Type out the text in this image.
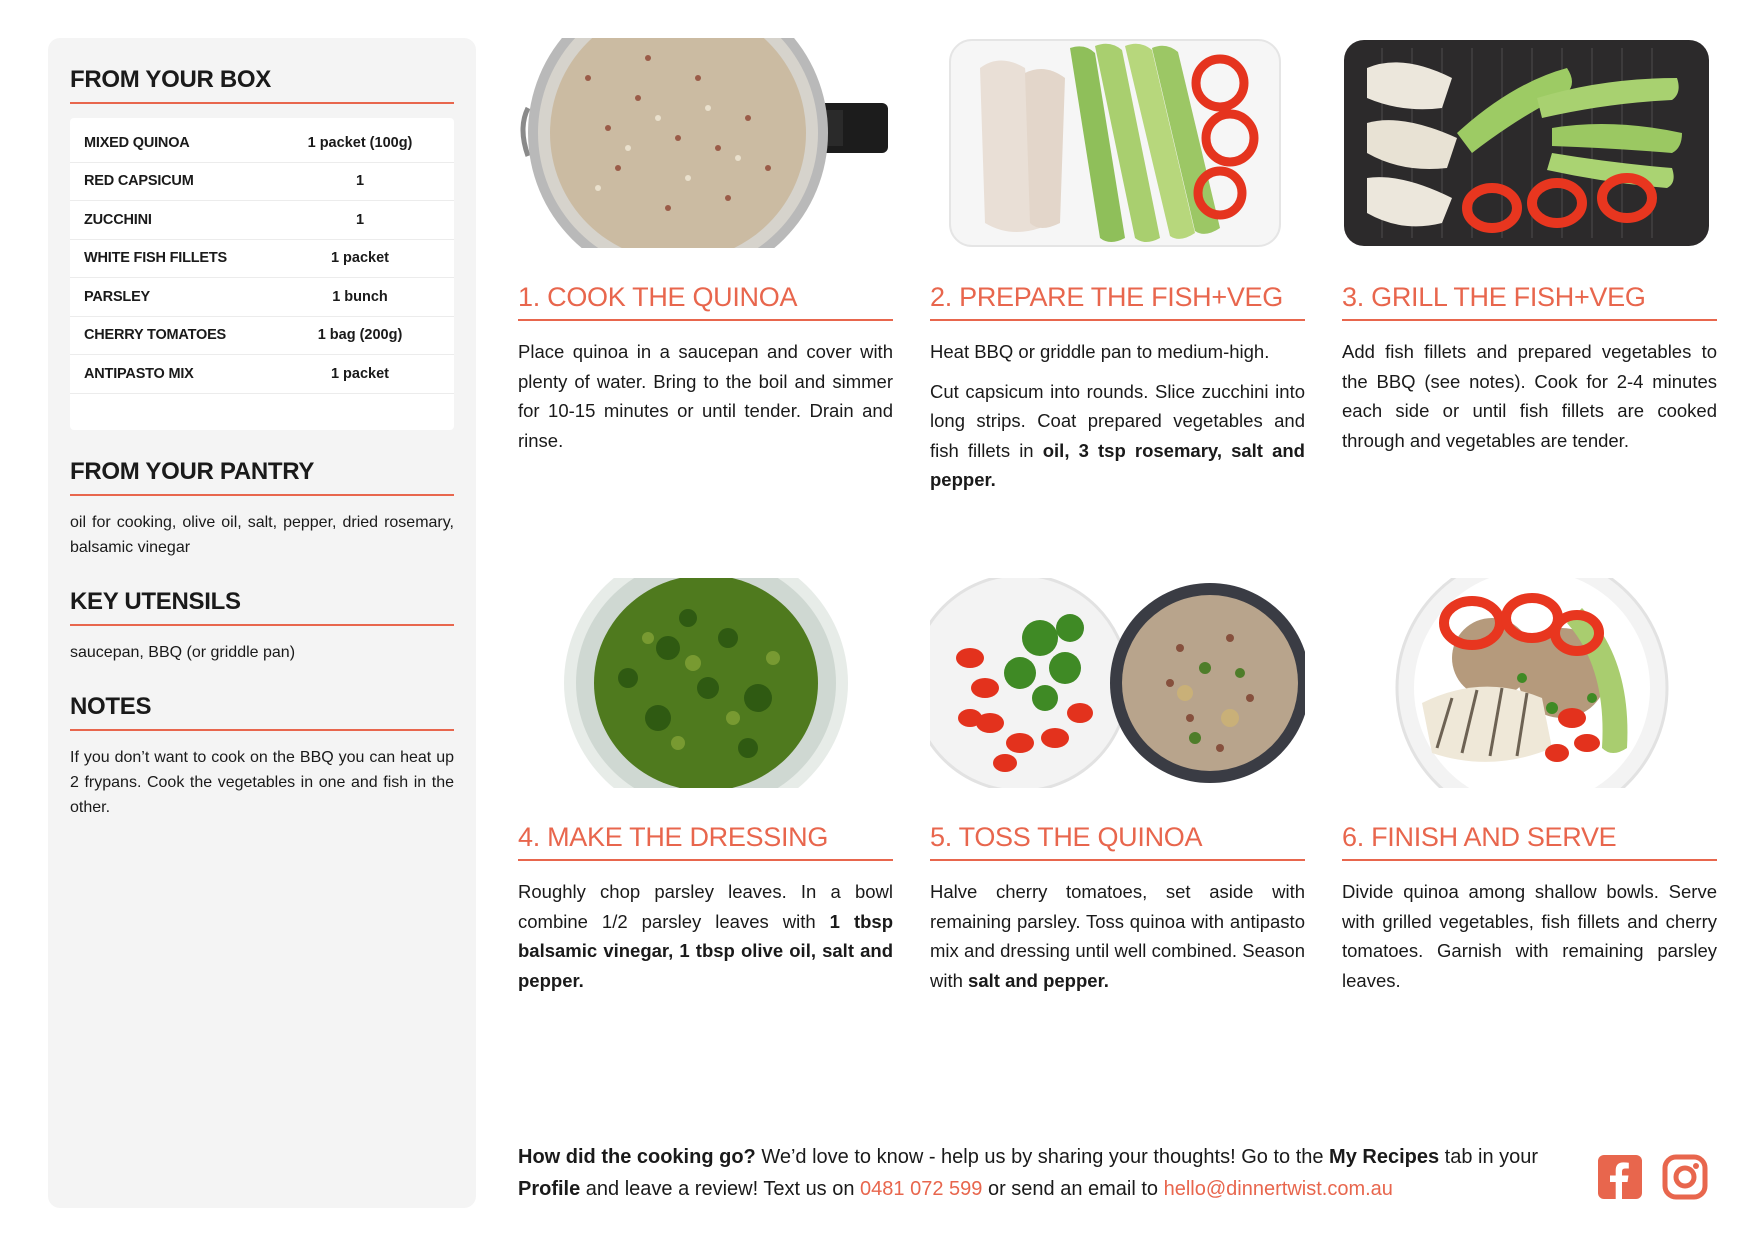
FROM YOUR BOX
MIXED QUINOA	1 packet (100g)
RED CAPSICUM	1
ZUCCHINI	1
WHITE FISH FILLETS	1 packet
PARSLEY	1 bunch
CHERRY TOMATOES	1 bag (200g)
ANTIPASTO MIX	1 packet
FROM YOUR PANTRY
oil for cooking, olive oil, salt, pepper, dried rosemary, balsamic vinegar
KEY UTENSILS
saucepan, BBQ (or griddle pan)
NOTES
If you don’t want to cook on the BBQ you can heat up 2 frypans. Cook the vegetables in one and fish in the other.
1. COOK THE QUINOA
Place quinoa in a saucepan and cover with plenty of water. Bring to the boil and simmer for 10-15 minutes or until tender. Drain and rinse.
2. PREPARE THE FISH+VEG
Heat BBQ or griddle pan to medium-high.
Cut capsicum into rounds. Slice zucchini into long strips. Coat prepared vegetables and fish fillets in oil, 3 tsp rosemary, salt and pepper.
3. GRILL THE FISH+VEG
Add fish fillets and prepared vegetables to the BBQ (see notes). Cook for 2-4 minutes each side or until fish fillets are cooked through and vegetables are tender.
4. MAKE THE DRESSING
Roughly chop parsley leaves. In a bowl combine 1/2 parsley leaves with 1 tbsp balsamic vinegar, 1 tbsp olive oil, salt and pepper.
5. TOSS THE QUINOA
Halve cherry tomatoes, set aside with remaining parsley. Toss quinoa with antipasto mix and dressing until well combined. Season with salt and pepper.
6. FINISH AND SERVE
Divide quinoa among shallow bowls. Serve with grilled vegetables, fish fillets and cherry tomatoes. Garnish with remaining parsley leaves.
How did the cooking go? We’d love to know - help us by sharing your thoughts! Go to the My Recipes tab in your Profile and leave a review! Text us on 0481 072 599 or send an email to hello@dinnertwist.com.au
